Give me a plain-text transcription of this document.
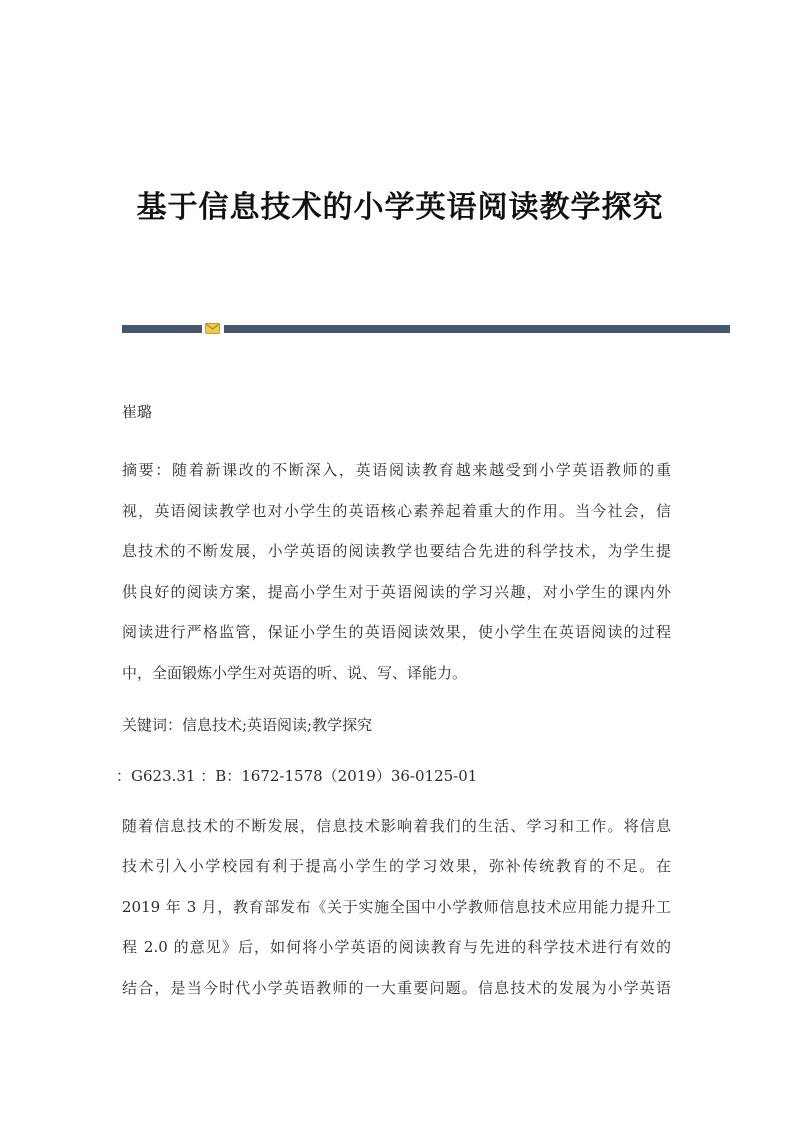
基于信息技术的小学英语阅读教学探究
崔璐
摘要：随着新课改的不断深入，英语阅读教育越来越受到小学英语教师的重
视，英语阅读教学也对小学生的英语核心素养起着重大的作用。当今社会，信
息技术的不断发展，小学英语的阅读教学也要结合先进的科学技术，为学生提
供良好的阅读方案，提高小学生对于英语阅读的学习兴趣，对小学生的课内外
阅读进行严格监管，保证小学生的英语阅读效果，使小学生在英语阅读的过程
中，全面锻炼小学生对英语的听、说、写、译能力。
关键词：信息技术;英语阅读;教学探究
：G623.31 ：B：1672-1578（2019）36-0125-01
随着信息技术的不断发展，信息技术影响着我们的生活、学习和工作。将信息
技术引入小学校园有利于提高小学生的学习效果，弥补传统教育的不足。在
2019 年 3 月，教育部发布《关于实施全国中小学教师信息技术应用能力提升工
程 2.0 的意见》后，如何将小学英语的阅读教育与先进的科学技术进行有效的
结合，是当今时代小学英语教师的一大重要问题。信息技术的发展为小学英语
